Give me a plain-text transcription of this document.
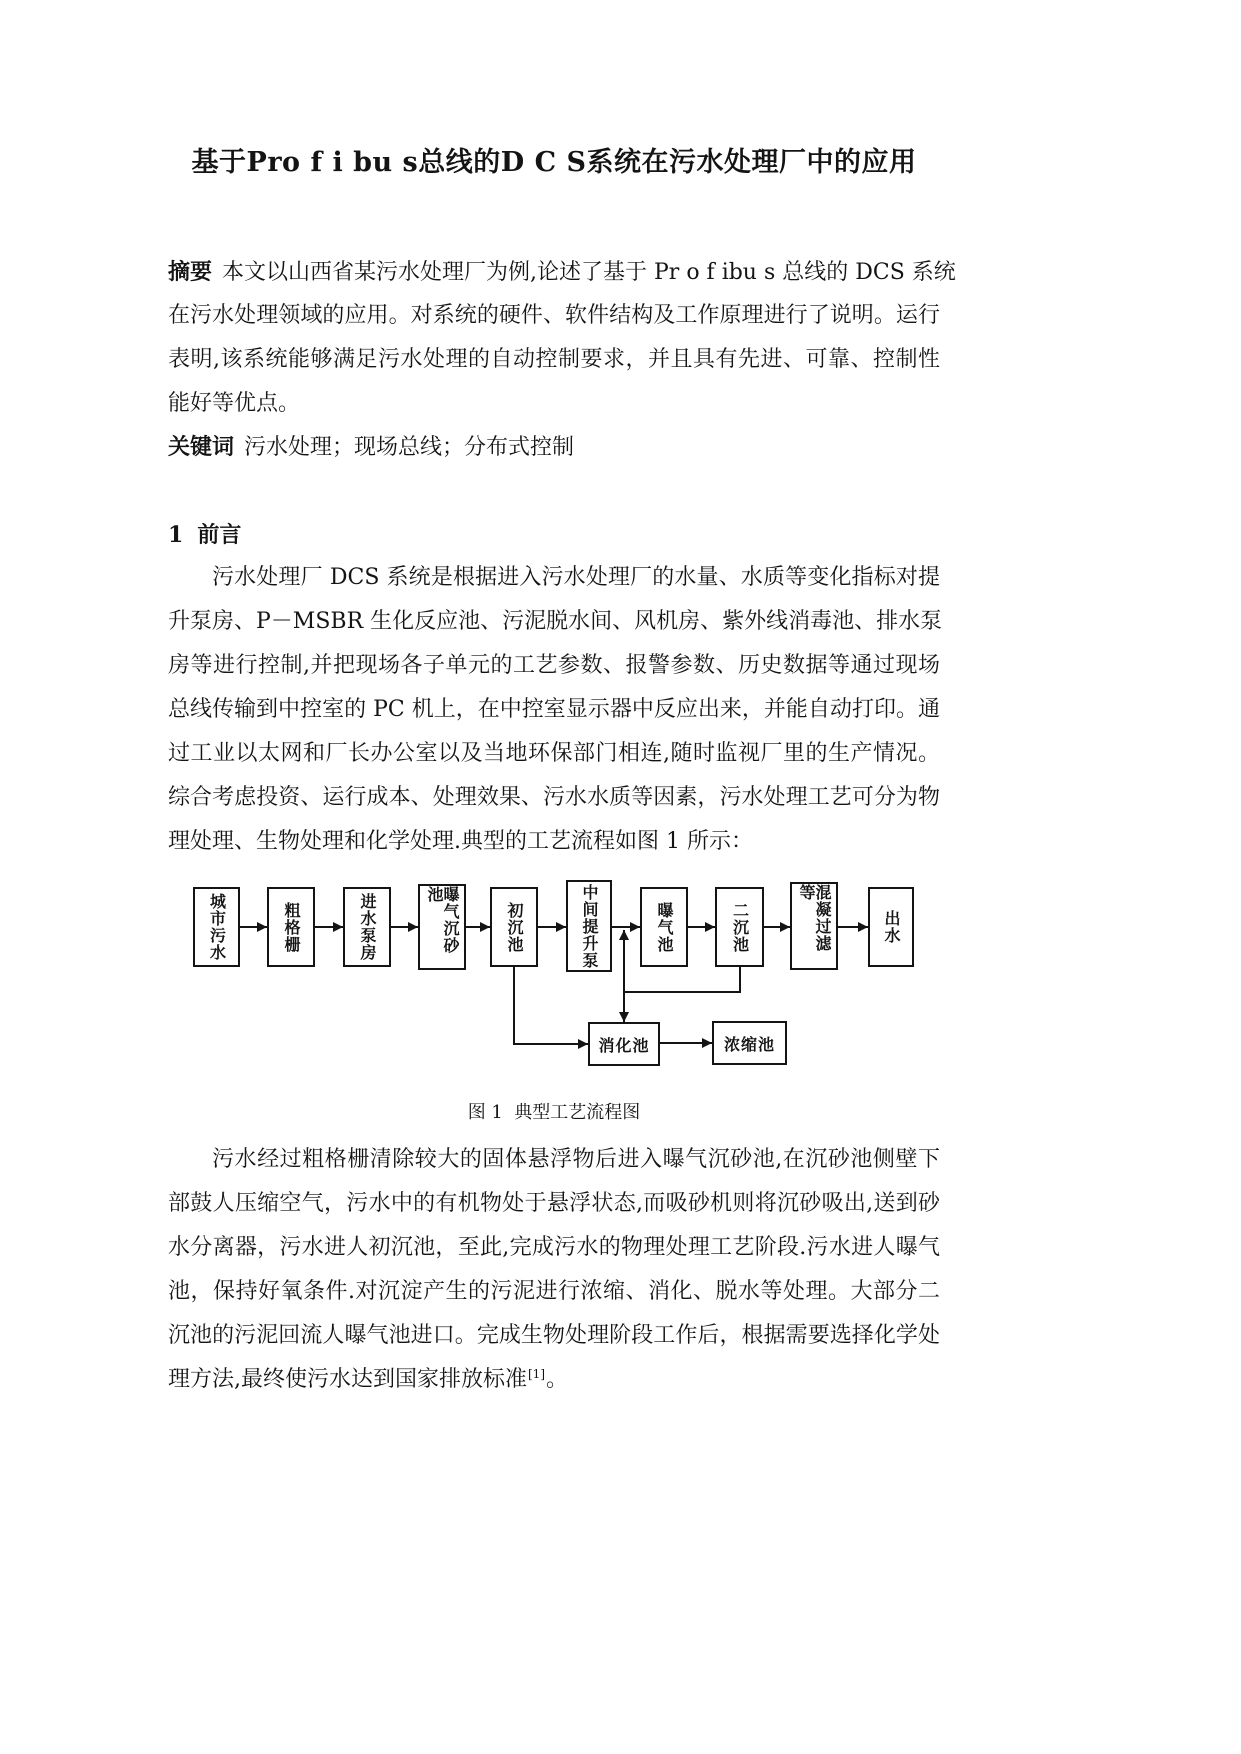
基于Pro f i bu s总线的D C S系统在污水处理厂中的应用
摘要 本文以山西省某污水处理厂为例,论述了基于 Pr o f ibu s 总线的 DCS 系统
在污水处理领域的应用。对系统的硬件、软件结构及工作原理进行了说明。运行
表明,该系统能够满足污水处理的自动控制要求，并且具有先进、可靠、控制性
能好等优点。
关键词 污水处理；现场总线；分布式控制
1 前言
污水处理厂 DCS 系统是根据进入污水处理厂的水量、水质等变化指标对提
升泵房、P－MSBR 生化反应池、污泥脱水间、风机房、紫外线消毒池、排水泵
房等进行控制,并把现场各子单元的工艺参数、报警参数、历史数据等通过现场
总线传输到中控室的 PC 机上，在中控室显示器中反应出来，并能自动打印。通
过工业以太网和厂长办公室以及当地环保部门相连,随时监视厂里的生产情况。
综合考虑投资、运行成本、处理效果、污水水质等因素，污水处理工艺可分为物
理处理、生物处理和化学处理.典型的工艺流程如图 1 所示：
城市污水	粗格栅	进水泵房	曝气沉砂池
初沉池	中间提升泵	曝气池	二沉池	混凝过滤等
出水
消化池	浓缩池
图 1  典型工艺流程图
污水经过粗格栅清除较大的固体悬浮物后进入曝气沉砂池,在沉砂池侧壁下
部鼓人压缩空气，污水中的有机物处于悬浮状态,而吸砂机则将沉砂吸出,送到砂
水分离器，污水进人初沉池，至此,完成污水的物理处理工艺阶段.污水进人曝气
池，保持好氧条件.对沉淀产生的污泥进行浓缩、消化、脱水等处理。大部分二
沉池的污泥回流人曝气池进口。完成生物处理阶段工作后，根据需要选择化学处
理方法,最终使污水达到国家排放标准[1]。
